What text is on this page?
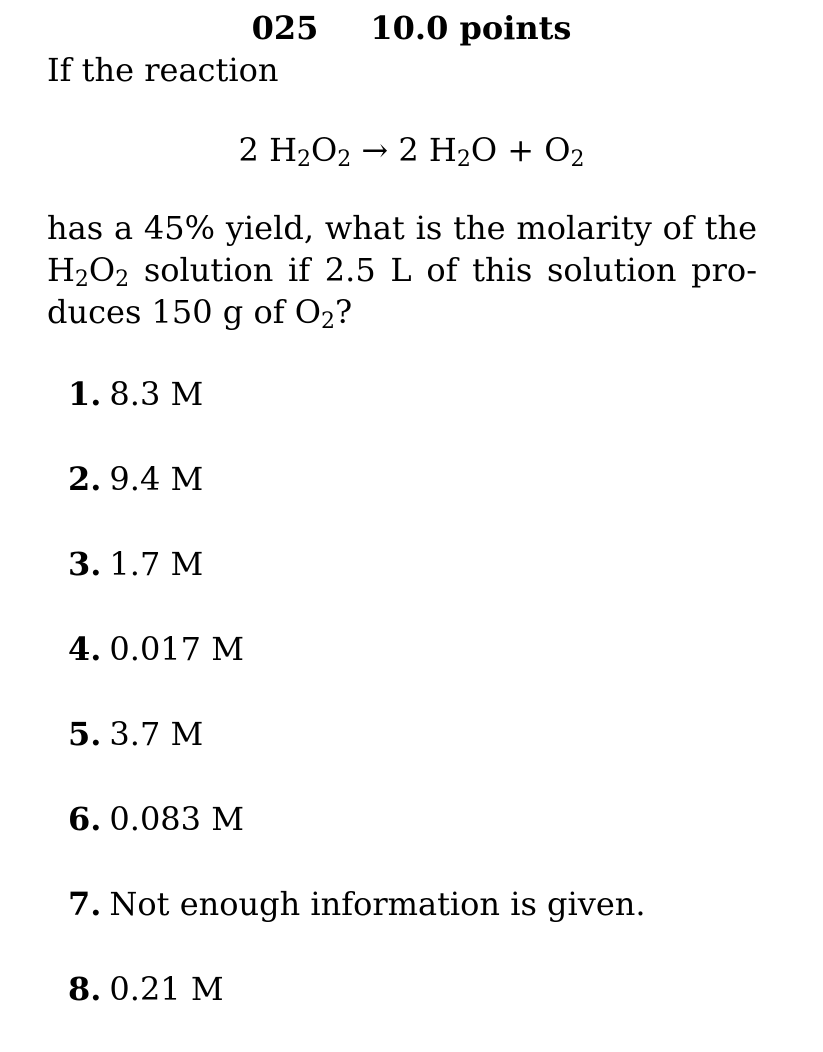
025 10.0 points
If the reaction
2 $H_2O_2 \to 2$ $H_2O + O_2$
has a 45% yield, what is the molarity of the
$H_2O_2$ solution if 2.5 L of this solution pro-
duces 150 g of $O_2$?
1. 8.3 M
2. 9.4 M
3. 1.7 M
4. 0.017 M
5. 3.7 M
6. 0.083 M
7. Not enough information is given.
8. 0.21 M
